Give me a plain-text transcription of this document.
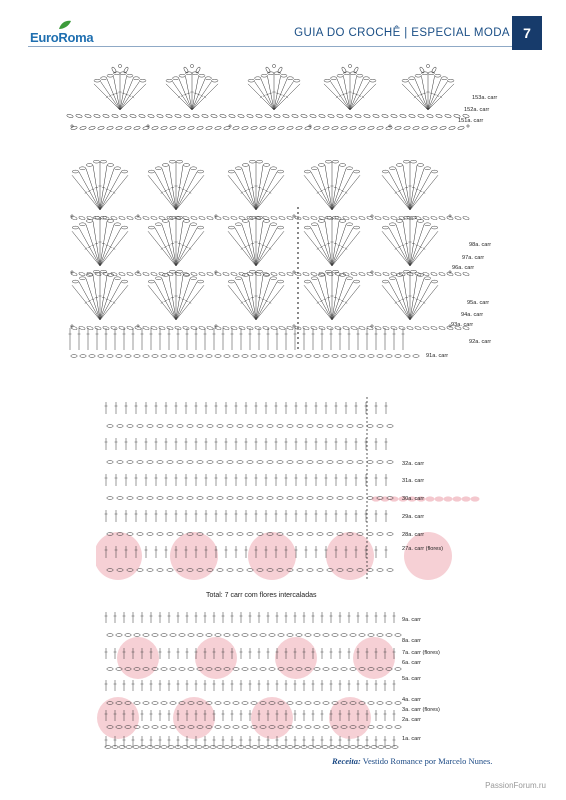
EuroRoma	GUIA DO CROCHÊ | ESPECIAL MODA 7
153a. carr
152a. carr
151a. carr
98a. carr
97a. carr
96a. carr
95a. carr
94a. carr
93a. carr
92a. carr
91a. carr
32a. carr
31a. carr
30a. carr
29a. carr
28a. carr
27a. carr (flores)
Total: 7 carr com flores intercaladas
9a. carr
8a. carr
7a. carr (flores)
6a. carr
5a. carr
4a. carr
3a. carr (flores)
2a. carr
1a. carr
Receita: Vestido Romance por Marcelo Nunes.
PassionForum.ru
